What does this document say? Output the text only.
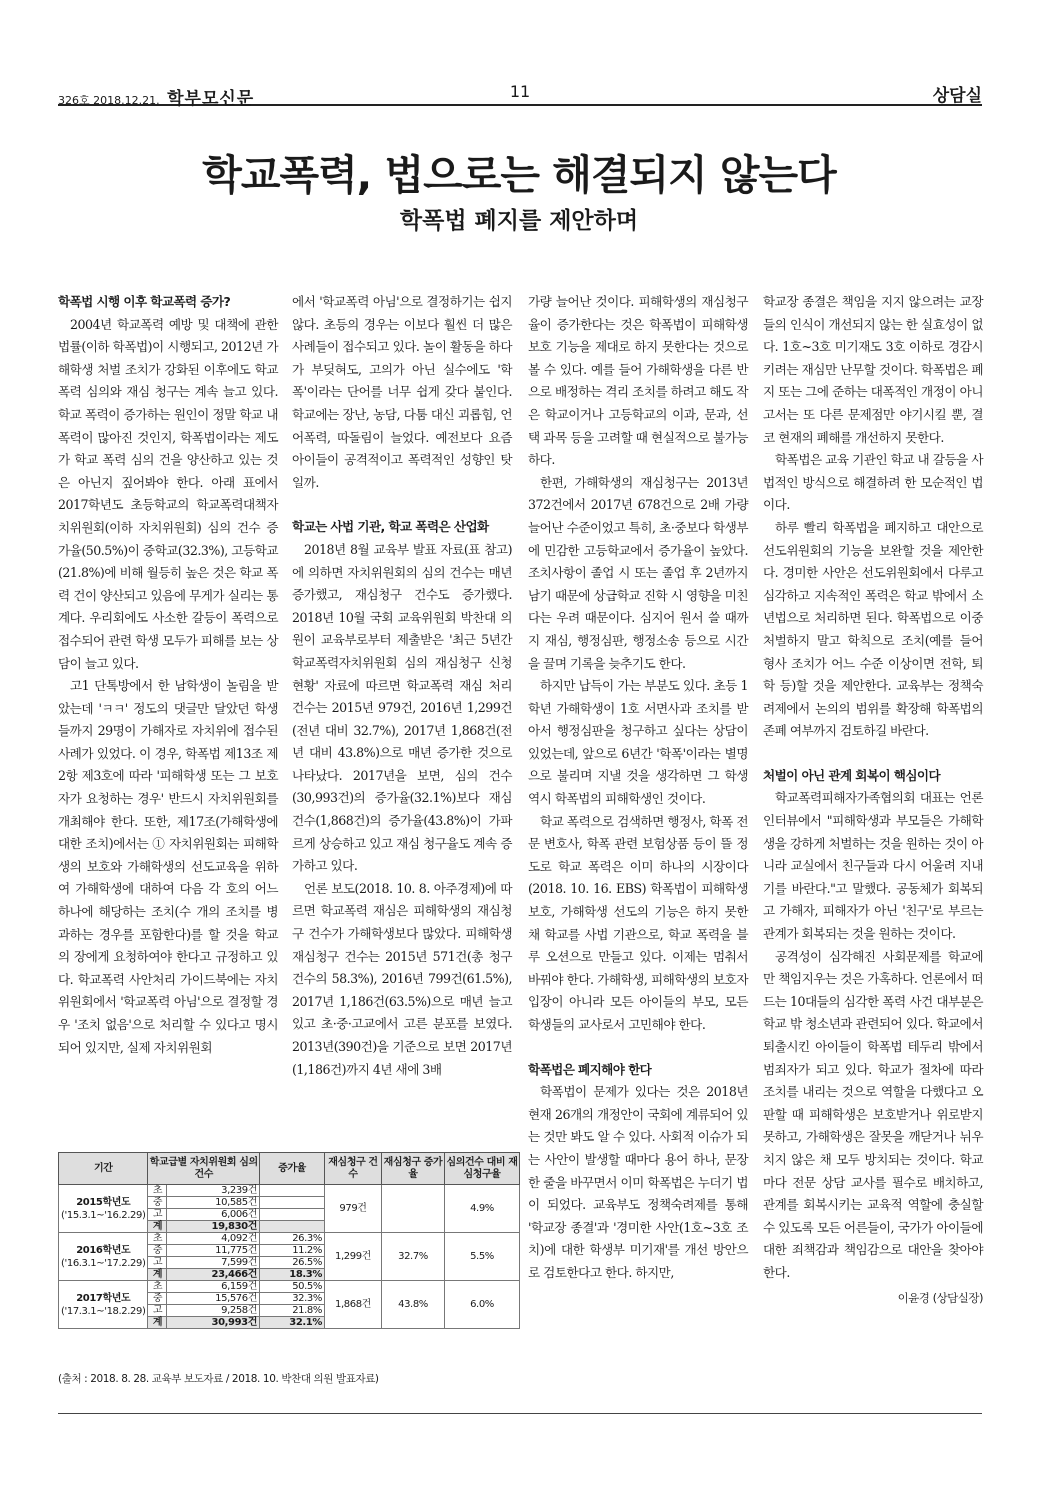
326호 2018.12.21. 학부모신문	11	상담실
학교폭력, 법으로는 해결되지 않는다
학폭법 폐지를 제안하며
학폭법 시행 이후 학교폭력 증가?

2004년 학교폭력 예방 및 대책에 관한 법률(이하 학폭법)이 시행되고, 2012년 가해학생 처벌 조치가 강화된 이후에도 학교폭력 심의와 재심 청구는 계속 늘고 있다. 학교 폭력이 증가하는 원인이 정말 학교 내 폭력이 많아진 것인지, 학폭법이라는 제도가 학교 폭력 심의 건을 양산하고 있는 것은 아닌지 짚어봐야 한다. 아래 표에서 2017학년도 초등학교의 학교폭력대책자치위원회(이하 자치위원회) 심의 건수 증가율(50.5%)이 중학교(32.3%), 고등학교(21.8%)에 비해 월등히 높은 것은 학교 폭력 건이 양산되고 있음에 무게가 실리는 통계다. 우리회에도 사소한 갈등이 폭력으로 접수되어 관련 학생 모두가 피해를 보는 상담이 늘고 있다.

고1 단톡방에서 한 남학생이 놀림을 받았는데 'ㅋㅋ' 정도의 댓글만 달았던 학생들까지 29명이 가해자로 자치위에 접수된 사례가 있었다. 이 경우, 학폭법 제13조 제2항 제3호에 따라 '피해학생 또는 그 보호자가 요청하는 경우' 반드시 자치위원회를 개최해야 한다. 또한, 제17조(가해학생에 대한 조치)에서는 ① 자치위원회는 피해학생의 보호와 가해학생의 선도교육을 위하여 가해학생에 대하여 다음 각 호의 어느 하나에 해당하는 조치(수 개의 조치를 병과하는 경우를 포함한다)를 할 것을 학교의 장에게 요청하여야 한다고 규정하고 있다. 학교폭력 사안처리 가이드북에는 자치위원회에서 '학교폭력 아님'으로 결정할 경우 '조치 없음'으로 처리할 수 있다고 명시되어 있지만, 실제 자치위원회

에서 '학교폭력 아님'으로 결정하기는 쉽지 않다. 초등의 경우는 이보다 훨씬 더 많은 사례들이 접수되고 있다. 놀이 활동을 하다가 부딪혀도, 고의가 아닌 실수에도 '학폭'이라는 단어를 너무 쉽게 갖다 붙인다. 학교에는 장난, 농담, 다툼 대신 괴롭힘, 언어폭력, 따돌림이 늘었다. 예전보다 요즘 아이들이 공격적이고 폭력적인 성향인 탓일까.

학교는 사법 기관, 학교 폭력은 산업화

2018년 8월 교육부 발표 자료(표 참고)에 의하면 자치위원회의 심의 건수는 매년 증가했고, 재심청구 건수도 증가했다. 2018년 10월 국회 교육위원회 박찬대 의원이 교육부로부터 제출받은 '최근 5년간 학교폭력자치위원회 심의 재심청구 신청현황' 자료에 따르면 학교폭력 재심 처리 건수는 2015년 979건, 2016년 1,299건(전년 대비 32.7%), 2017년 1,868건(전년 대비 43.8%)으로 매년 증가한 것으로 나타났다. 2017년을 보면, 심의 건수(30,993건)의 증가율(32.1%)보다 재심 건수(1,868건)의 증가율(43.8%)이 가파르게 상승하고 있고 재심 청구율도 계속 증가하고 있다.

언론 보도(2018. 10. 8. 아주경제)에 따르면 학교폭력 재심은 피해학생의 재심청구 건수가 가해학생보다 많았다. 피해학생 재심청구 건수는 2015년 571건(총 청구 건수의 58.3%), 2016년 799건(61.5%), 2017년 1,186건(63.5%)으로 매년 늘고 있고 초·중·고교에서 고른 분포를 보였다. 2013년(390건)을 기준으로 보면 2017년(1,186건)까지 4년 새에 3배

가량 늘어난 것이다. 피해학생의 재심청구율이 증가한다는 것은 학폭법이 피해학생 보호 기능을 제대로 하지 못한다는 것으로 볼 수 있다. 예를 들어 가해학생을 다른 반으로 배정하는 격리 조치를 하려고 해도 작은 학교이거나 고등학교의 이과, 문과, 선택 과목 등을 고려할 때 현실적으로 불가능하다.

한편, 가해학생의 재심청구는 2013년 372건에서 2017년 678건으로 2배 가량 늘어난 수준이었고 특히, 초·중보다 학생부에 민감한 고등학교에서 증가율이 높았다. 조치사항이 졸업 시 또는 졸업 후 2년까지 남기 때문에 상급학교 진학 시 영향을 미친다는 우려 때문이다. 심지어 원서 쓸 때까지 재심, 행정심판, 행정소송 등으로 시간을 끌며 기록을 늦추기도 한다.

하지만 납득이 가는 부분도 있다. 초등 1학년 가해학생이 1호 서면사과 조치를 받아서 행정심판을 청구하고 싶다는 상담이 있었는데, 앞으로 6년간 '학폭'이라는 별명으로 불리며 지낼 것을 생각하면 그 학생 역시 학폭법의 피해학생인 것이다.

학교 폭력으로 검색하면 행정사, 학폭 전문 변호사, 학폭 관련 보험상품 등이 뜰 정도로 학교 폭력은 이미 하나의 시장이다(2018. 10. 16. EBS) 학폭법이 피해학생 보호, 가해학생 선도의 기능은 하지 못한 채 학교를 사법 기관으로, 학교 폭력을 블루 오션으로 만들고 있다. 이제는 멈춰서 바꿔야 한다. 가해학생, 피해학생의 보호자 입장이 아니라 모든 아이들의 부모, 모든 학생들의 교사로서 고민해야 한다.

학폭법은 폐지해야 한다

학폭법이 문제가 있다는 것은 2018년 현재 26개의 개정안이 국회에 계류되어 있는 것만 봐도 알 수 있다. 사회적 이슈가 되는 사안이 발생할 때마다 용어 하나, 문장 한 줄을 바꾸면서 이미 학폭법은 누더기 법이 되었다. 교육부도 정책숙려제를 통해 '학교장 종결'과 '경미한 사안(1호~3호 조치)에 대한 학생부 미기재'를 개선 방안으로 검토한다고 한다. 하지만,

학교장 종결은 책임을 지지 않으려는 교장들의 인식이 개선되지 않는 한 실효성이 없다. 1호~3호 미기재도 3호 이하로 경감시키려는 재심만 난무할 것이다. 학폭법은 폐지 또는 그에 준하는 대폭적인 개정이 아니고서는 또 다른 문제점만 야기시킬 뿐, 결코 현재의 폐해를 개선하지 못한다.

학폭법은 교육 기관인 학교 내 갈등을 사법적인 방식으로 해결하려 한 모순적인 법이다.

하루 빨리 학폭법을 폐지하고 대안으로 선도위원회의 기능을 보완할 것을 제안한다. 경미한 사안은 선도위원회에서 다루고 심각하고 지속적인 폭력은 학교 밖에서 소년법으로 처리하면 된다. 학폭법으로 이중 처벌하지 말고 학칙으로 조치(예를 들어 형사 조치가 어느 수준 이상이면 전학, 퇴학 등)할 것을 제안한다. 교육부는 정책숙려제에서 논의의 범위를 확장해 학폭법의 존폐 여부까지 검토하길 바란다.

처벌이 아닌 관계 회복이 핵심이다

학교폭력피해자가족협의회 대표는 언론 인터뷰에서 "피해학생과 부모들은 가해학생을 강하게 처벌하는 것을 원하는 것이 아니라 교실에서 친구들과 다시 어울려 지내기를 바란다."고 말했다. 공동체가 회복되고 가해자, 피해자가 아닌 '친구'로 부르는 관계가 회복되는 것을 원하는 것이다.

공격성이 심각해진 사회문제를 학교에만 책임지우는 것은 가혹하다. 언론에서 떠드는 10대들의 심각한 폭력 사건 대부분은 학교 밖 청소년과 관련되어 있다. 학교에서 퇴출시킨 아이들이 학폭법 테두리 밖에서 범죄자가 되고 있다. 학교가 절차에 따라 조치를 내리는 것으로 역할을 다했다고 오판할 때 피해학생은 보호받거나 위로받지 못하고, 가해학생은 잘못을 깨닫거나 뉘우치지 않은 채 모두 방치되는 것이다. 학교마다 전문 상담 교사를 필수로 배치하고, 관계를 회복시키는 교육적 역할에 충실할 수 있도록 모든 어른들이, 국가가 아이들에 대한 죄책감과 책임감으로 대안을 찾아야 한다.

이윤경 (상담실장)
기간	학교급별 자치위원회 심의건수		증가율	재심청구 건수	재심청구 증가율	심의건수 대비 재심청구율
2015학년도
('15.3.1~'16.2.29)	초	3,239건		979건		4.9%
	중	10,585건				
	고	6,006건				
	계	19,830건				
2016학년도
('16.3.1~'17.2.29)	초	4,092건	26.3%	1,299건	32.7%	5.5%
	중	11,775건	11.2%			
	고	7,599건	26.5%			
	계	23,466건	18.3%			
2017학년도
('17.3.1~'18.2.29)	초	6,159건	50.5%	1,868건	43.8%	6.0%
	중	15,576건	32.3%			
	고	9,258건	21.8%			
	계	30,993건	32.1%			
(출처 : 2018. 8. 28. 교육부 보도자료 / 2018. 10. 박찬대 의원 발표자료)
